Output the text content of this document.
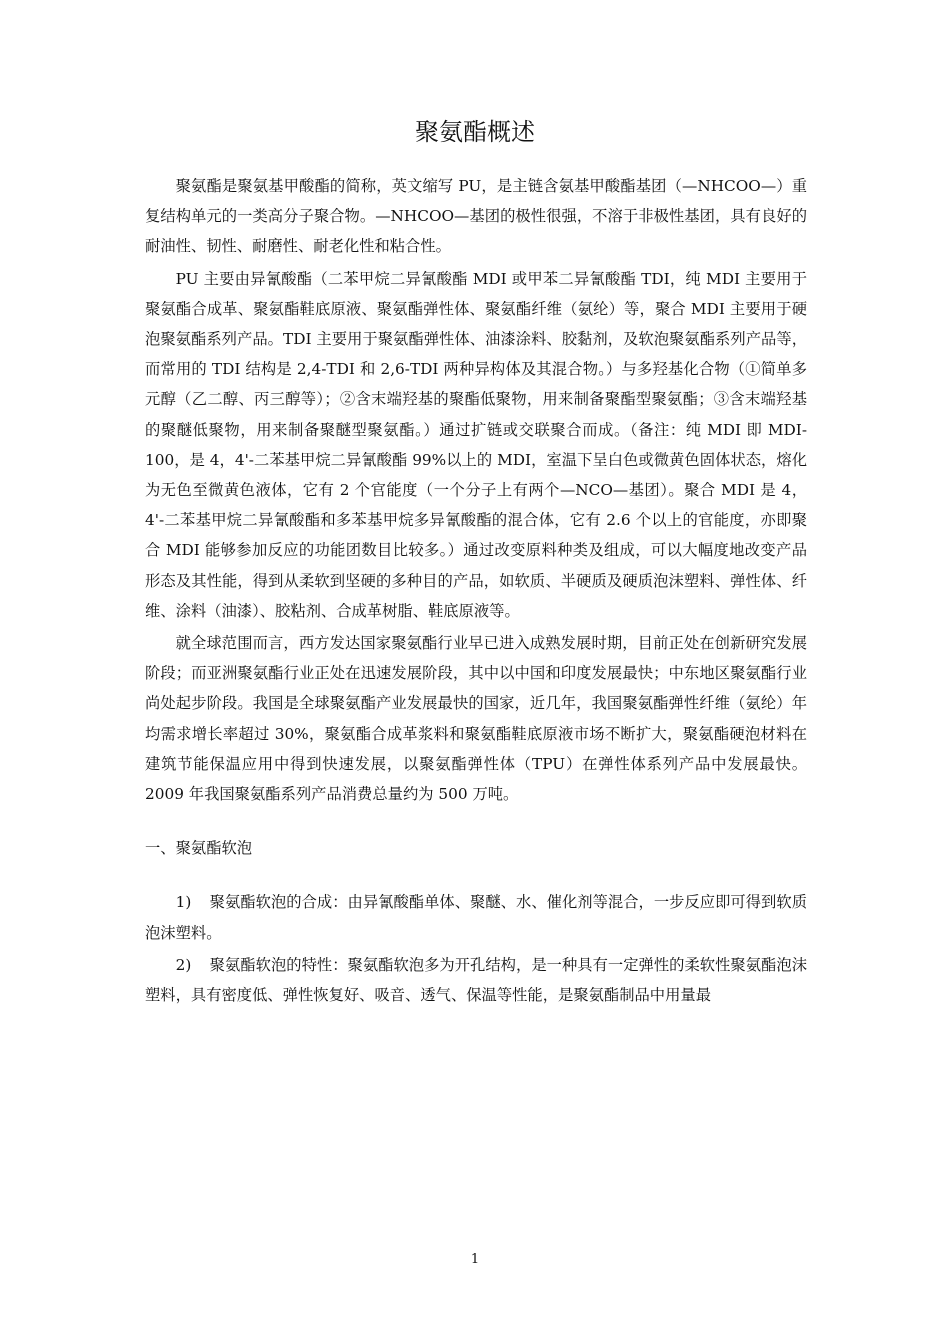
聚氨酯概述

聚氨酯是聚氨基甲酸酯的简称，英文缩写 PU，是主链含氨基甲酸酯基团（—NHCOO—）重复结构单元的一类高分子聚合物。—NHCOO—基团的极性很强，不溶于非极性基团，具有良好的耐油性、韧性、耐磨性、耐老化性和粘合性。

PU 主要由异氰酸酯（二苯甲烷二异氰酸酯 MDI 或甲苯二异氰酸酯 TDI，纯 MDI 主要用于聚氨酯合成革、聚氨酯鞋底原液、聚氨酯弹性体、聚氨酯纤维（氨纶）等，聚合 MDI 主要用于硬泡聚氨酯系列产品。TDI 主要用于聚氨酯弹性体、油漆涂料、胶黏剂，及软泡聚氨酯系列产品等，而常用的 TDI 结构是 2,4-TDI 和 2,6-TDI 两种异构体及其混合物。）与多羟基化合物（①简单多元醇（乙二醇、丙三醇等）；②含末端羟基的聚酯低聚物，用来制备聚酯型聚氨酯；③含末端羟基的聚醚低聚物，用来制备聚醚型聚氨酯。）通过扩链或交联聚合而成。（备注：纯 MDI 即 MDI-100，是 4，4'-二苯基甲烷二异氰酸酯 99%以上的 MDI，室温下呈白色或微黄色固体状态，熔化为无色至微黄色液体，它有 2 个官能度（一个分子上有两个—NCO—基团）。聚合 MDI 是 4，4'-二苯基甲烷二异氰酸酯和多苯基甲烷多异氰酸酯的混合体，它有 2.6 个以上的官能度，亦即聚合 MDI 能够参加反应的功能团数目比较多。）通过改变原料种类及组成，可以大幅度地改变产品形态及其性能，得到从柔软到坚硬的多种目的产品，如软质、半硬质及硬质泡沫塑料、弹性体、纤维、涂料（油漆）、胶粘剂、合成革树脂、鞋底原液等。

就全球范围而言，西方发达国家聚氨酯行业早已进入成熟发展时期，目前正处在创新研究发展阶段；而亚洲聚氨酯行业正处在迅速发展阶段，其中以中国和印度发展最快；中东地区聚氨酯行业尚处起步阶段。我国是全球聚氨酯产业发展最快的国家，近几年，我国聚氨酯弹性纤维（氨纶）年均需求增长率超过 30%，聚氨酯合成革浆料和聚氨酯鞋底原液市场不断扩大，聚氨酯硬泡材料在建筑节能保温应用中得到快速发展，以聚氨酯弹性体（TPU）在弹性体系列产品中发展最快。2009 年我国聚氨酯系列产品消费总量约为 500 万吨。

一、聚氨酯软泡

1) 聚氨酯软泡的合成：由异氰酸酯单体、聚醚、水、催化剂等混合，一步反应即可得到软质泡沫塑料。

2) 聚氨酯软泡的特性：聚氨酯软泡多为开孔结构，是一种具有一定弹性的柔软性聚氨酯泡沫塑料，具有密度低、弹性恢复好、吸音、透气、保温等性能，是聚氨酯制品中用量最

1
